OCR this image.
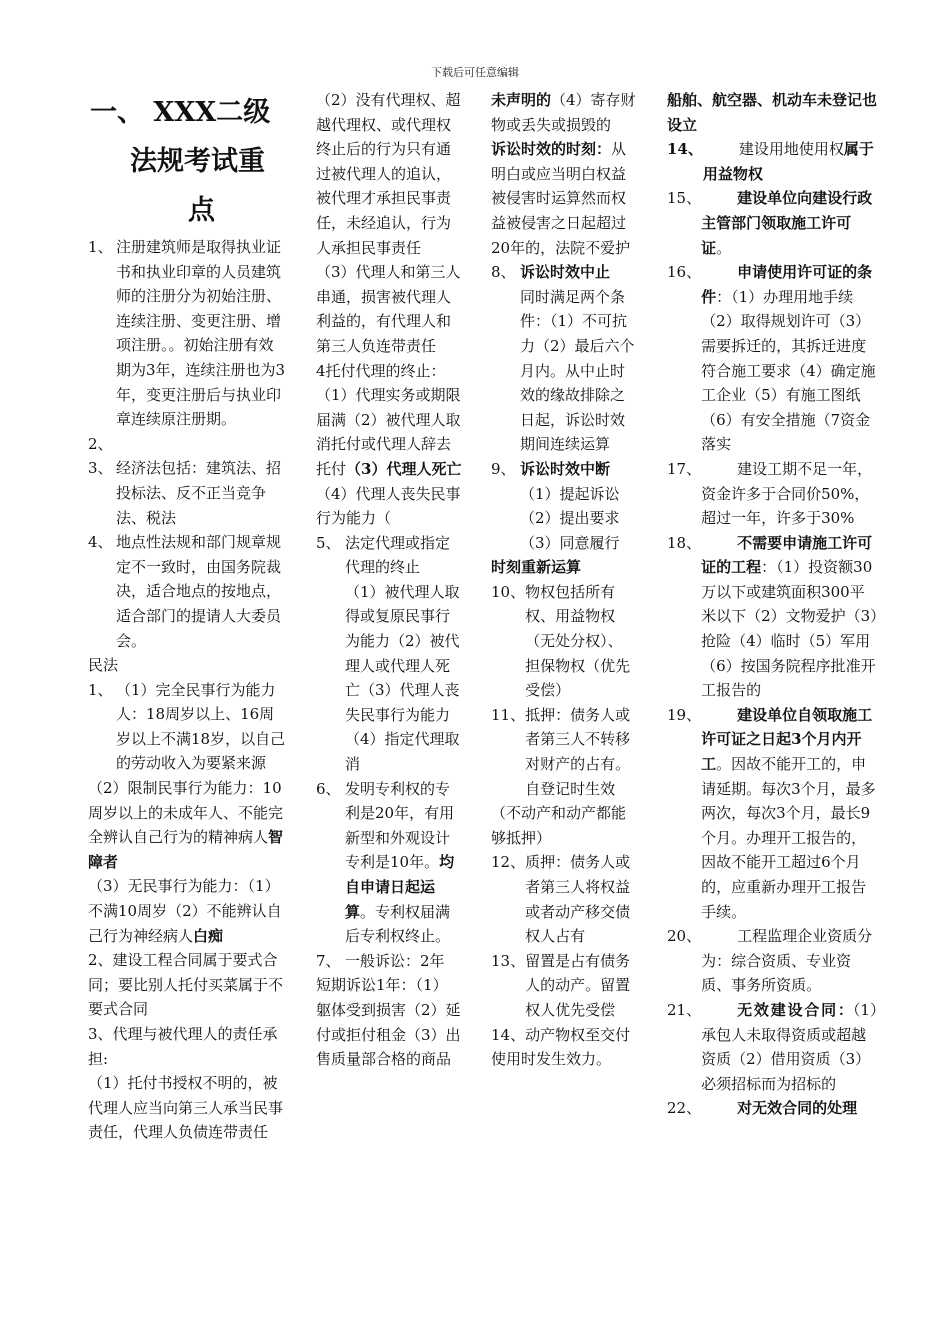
下载后可任意编辑
一、 XXX二级
法规考试重
点
1、 注册建筑师是取得执业证书和执业印章的人员建筑师的注册分为初始注册、连续注册、变更注册、增项注册。。初始注册有效期为3年，连续注册也为3年，变更注册后与执业印章连续原注册期。
2、
3、 经济法包括：建筑法、招投标法、反不正当竞争法、税法
4、 地点性法规和部门规章规定不一致时，由国务院裁决，适合地点的按地点，适合部门的提请人大委员会。

民法

1、 （1）完全民事行为能力人：18周岁以上、16周岁以上不满18岁，以自己的劳动收入为要紧来源

（2）限制民事行为能力：10周岁以上的未成年人、不能完全辨认自己行为的精神病人智障者

（3）无民事行为能力：（1）不满10周岁（2）不能辨认自己行为神经病人白痴

2、建设工程合同属于要式合同；要比别人托付买菜属于不要式合同

3、代理与被代理人的责任承担:

（1）托付书授权不明的，被代理人应当向第三人承当民事责任，代理人负债连带责任

（2）没有代理权、超越代理权、或代理权终止后的行为只有通过被代理人的追认，被代理才承担民事责任，未经追认，行为人承担民事责任

（3）代理人和第三人串通，损害被代理人利益的，有代理人和第三人负连带责任

4托付代理的终止：（1）代理实务或期限届满（2）被代理人取消托付或代理人辞去托付（3）代理人死亡（4）代理人丧失民事行为能力（

5、 法定代理或指定代理的终止
（1）被代理人取得或复原民事行为能力（2）被代理人或代理人死亡（3）代理人丧失民事行为能力（4）指定代理取消
6、 发明专利权的专利是20年，有用新型和外观设计专利是10年。均自申请日起运算。专利权届满后专利权终止。
7、 一般诉讼：2年

短期诉讼1年：（1）躯体受到损害（2）延付或拒付租金（3）出售质量部合格的商品

未声明的（4）寄存财物或丢失或损毁的

诉讼时效的时刻：从明白或应当明白权益被侵害时运算然而权益被侵害之日起超过20年的，法院不爱护

8、 诉讼时效中止
同时满足两个条件：（1）不可抗力（2）最后六个月内。从中止时效的缘故排除之日起，诉讼时效期间连续运算
9、 诉讼时效中断

（1）提起诉讼

（2）提出要求

（3）同意履行

时刻重新运算

10、 物权包括所有权、用益物权（无处分权）、担保物权（优先受偿）
11、 抵押：债务人或者第三人不转移对财产的占有。自登记时生效

（不动产和动产都能够抵押）

12、 质押：债务人或者第三人将权益或者动产移交债权人占有
13、 留置是占有债务人的动产。留置权人优先受偿

14、动产物权至交付使用时发生效力。

船舶、航空器、机动车未登记也设立

14、	建设用地使用权属于用益物权
15、	建设单位向建设行政主管部门领取施工许可证。
16、	申请使用许可证的条件：（1）办理用地手续（2）取得规划许可（3）需要拆迁的，其拆迁进度符合施工要求（4）确定施工企业（5）有施工图纸（6）有安全措施（7资金落实
17、	建设工期不足一年，资金许多于合同价50%，超过一年，许多于30%
18、	不需要申请施工许可证的工程：（1）投资额30万以下或建筑面积300平米以下（2）文物爱护（3）抢险（4）临时（5）军用（6）按国务院程序批准开工报告的
19、	建设单位自领取施工许可证之日起3个月内开工。因故不能开工的，申请延期。每次3个月，最多两次，每次3个月，最长9个月。办理开工报告的，因故不能开工超过6个月的，应重新办理开工报告手续。
20、	工程监理企业资质分为：综合资质、专业资质、事务所资质。
21、	无效建设合同：（1）承包人未取得资质或超越资质（2）借用资质（3）必须招标而为招标的
22、	对无效合同的处理
